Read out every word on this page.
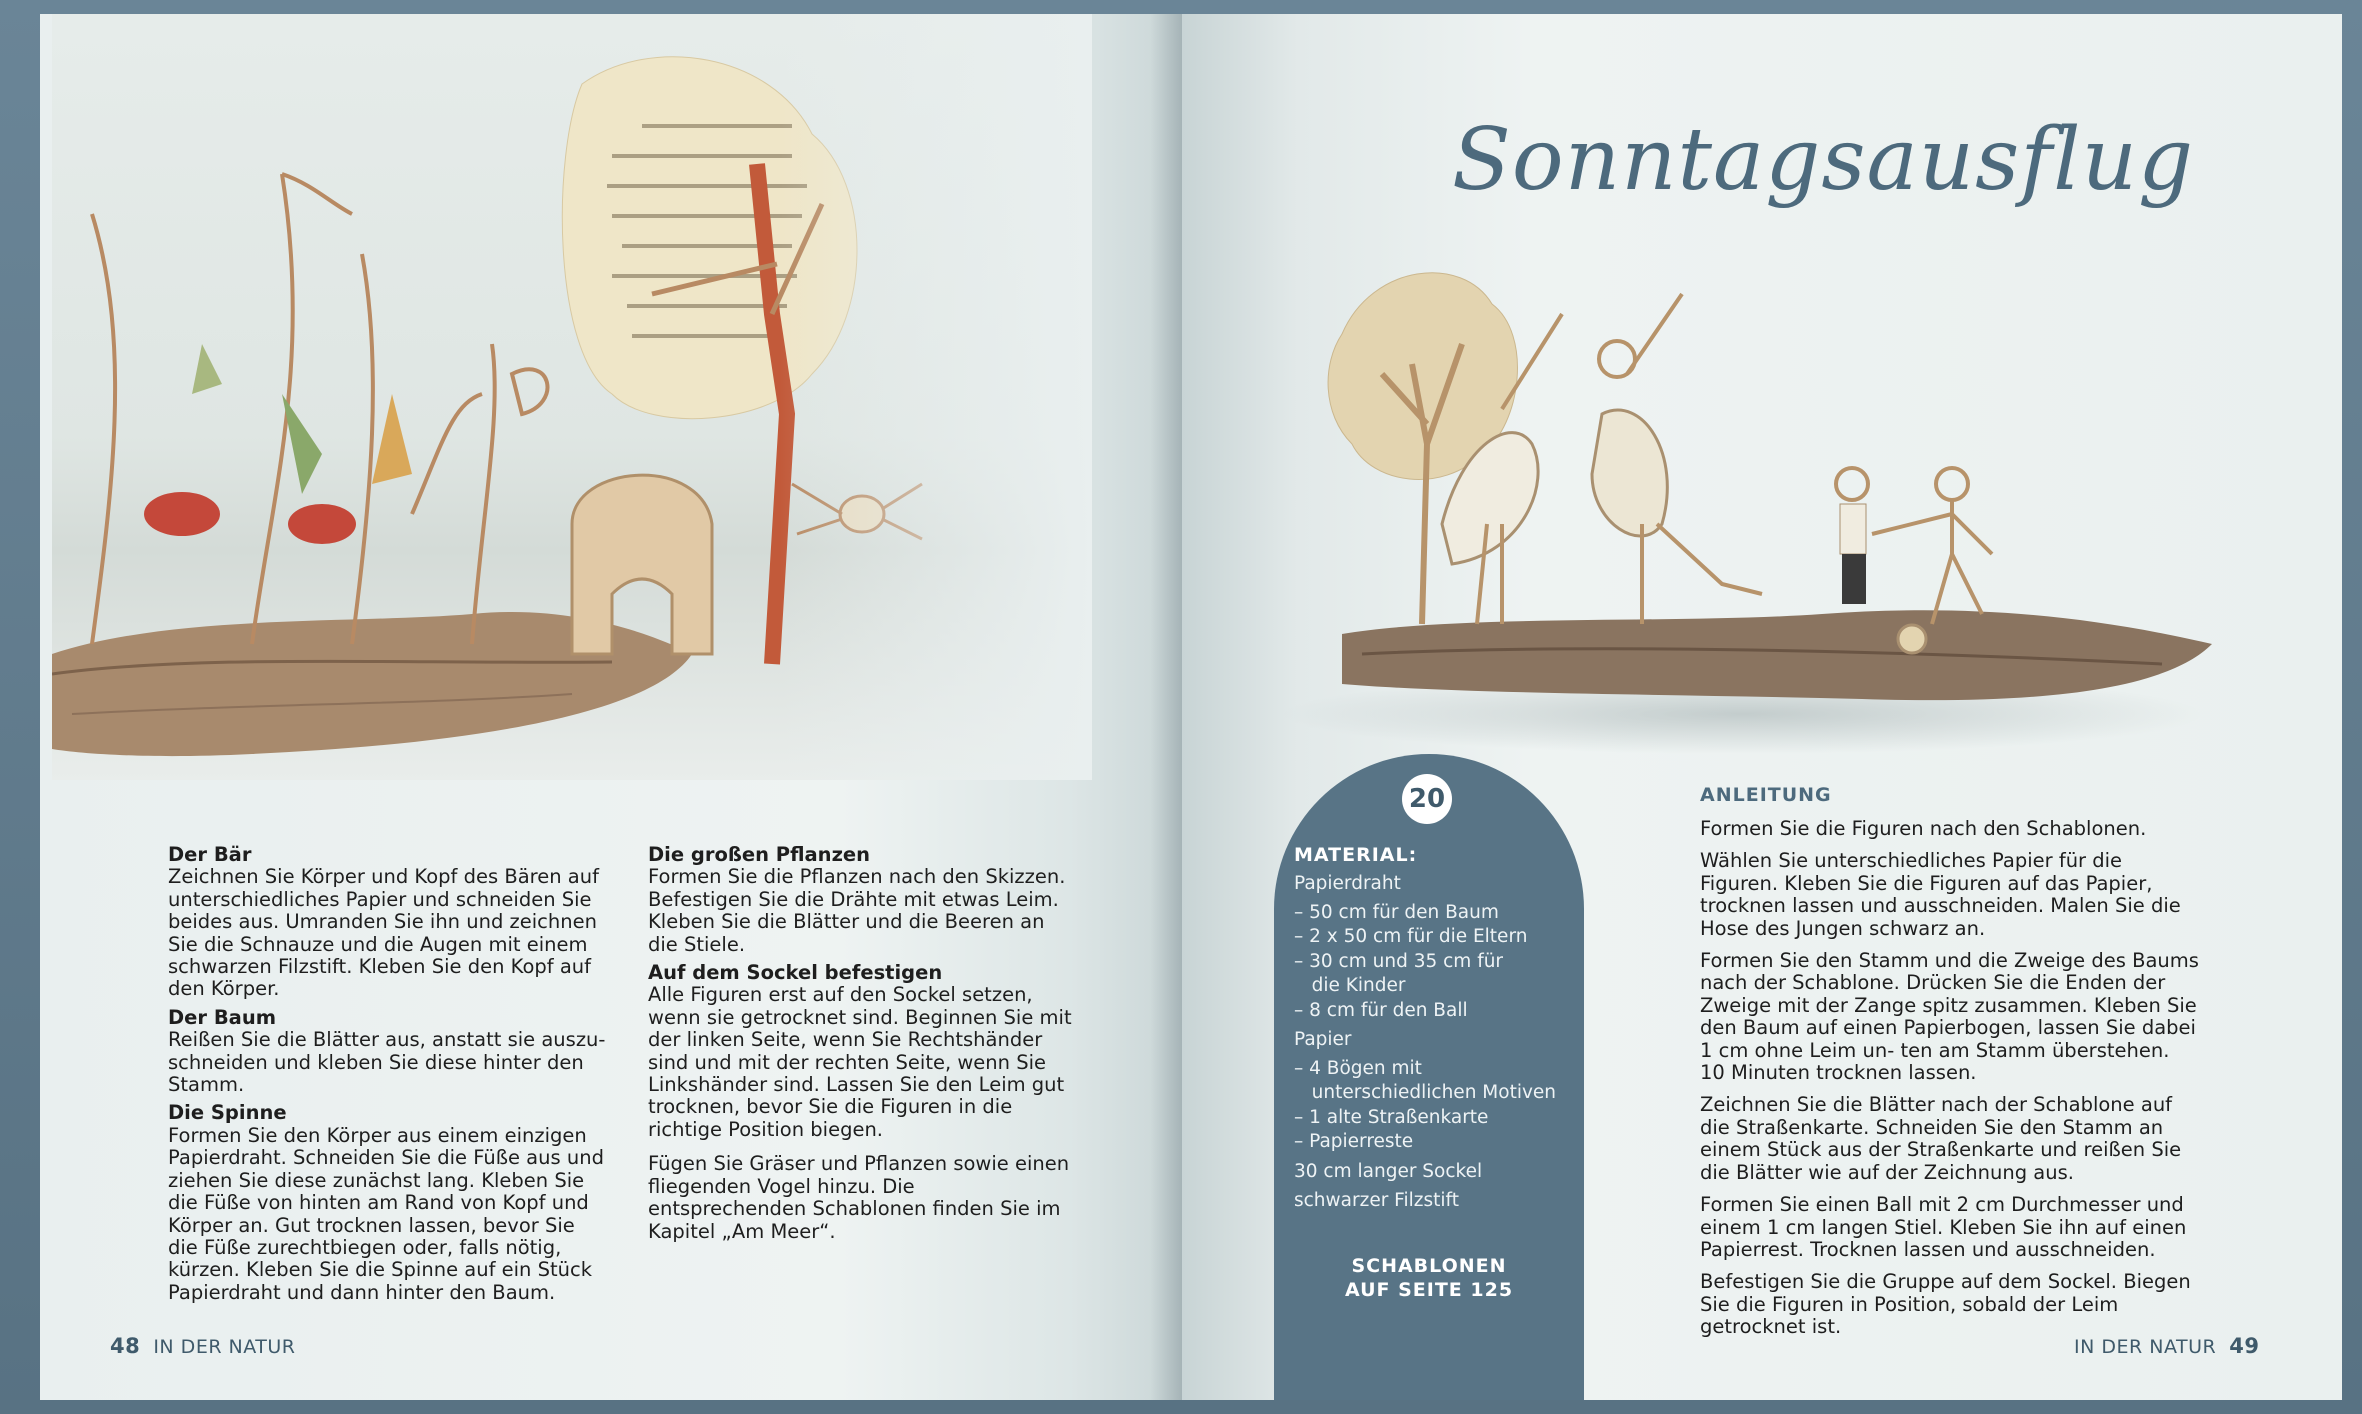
Der Bär

Zeichnen Sie Körper und Kopf des Bären auf unterschiedliches Papier und schneiden Sie beides aus. Umranden Sie ihn und zeichnen Sie die Schnauze und die Augen mit einem schwarzen Filzstift. Kleben Sie den Kopf auf den Körper.

Der Baum

Reißen Sie die Blätter aus, anstatt sie auszu- schneiden und kleben Sie diese hinter den Stamm.

Die Spinne

Formen Sie den Körper aus einem einzigen Papierdraht. Schneiden Sie die Füße aus und ziehen Sie diese zunächst lang. Kleben Sie die Füße von hinten am Rand von Kopf und Körper an. Gut trocknen lassen, bevor Sie die Füße zurechtbiegen oder, falls nötig, kürzen. Kleben Sie die Spinne auf ein Stück Papierdraht und dann hinter den Baum.

Die großen Pflanzen

Formen Sie die Pflanzen nach den Skizzen. Befestigen Sie die Drähte mit etwas Leim. Kleben Sie die Blätter und die Beeren an die Stiele.

Auf dem Sockel befestigen

Alle Figuren erst auf den Sockel setzen, wenn sie getrocknet sind. Beginnen Sie mit der linken Seite, wenn Sie Rechtshänder sind und mit der rechten Seite, wenn Sie Linkshänder sind. Lassen Sie den Leim gut trocknen, bevor Sie die Figuren in die richtige Position biegen.

Fügen Sie Gräser und Pflanzen sowie einen fliegenden Vogel hinzu. Die entsprechenden Schablonen finden Sie im Kapitel „Am Meer“.

48 IN DER NATUR
Sonntagsausflug
20
MATERIAL:
Papierdraht
– 50 cm für den Baum
– 2 x 50 cm für die Eltern
– 30 cm und 35 cm für
die Kinder
– 8 cm für den Ball
Papier
– 4 Bögen mit
unterschiedlichen Motiven
– 1 alte Straßenkarte
– Papierreste
30 cm langer Sockel
schwarzer Filzstift
SCHABLONEN
AUF SEITE 125
ANLEITUNG

Formen Sie die Figuren nach den Schablonen.

Wählen Sie unterschiedliches Papier für die Figuren. Kleben Sie die Figuren auf das Papier, trocknen lassen und ausschneiden. Malen Sie die Hose des Jungen schwarz an.

Formen Sie den Stamm und die Zweige des Baums nach der Schablone. Drücken Sie die Enden der Zweige mit der Zange spitz zusammen. Kleben Sie den Baum auf einen Papierbogen, lassen Sie dabei 1 cm ohne Leim un- ten am Stamm überstehen. 10 Minuten trocknen lassen.

Zeichnen Sie die Blätter nach der Schablone auf die Straßenkarte. Schneiden Sie den Stamm an einem Stück aus der Straßenkarte und reißen Sie die Blätter wie auf der Zeichnung aus.

Formen Sie einen Ball mit 2 cm Durchmesser und einem 1 cm langen Stiel. Kleben Sie ihn auf einen Papierrest. Trocknen lassen und ausschneiden.

Befestigen Sie die Gruppe auf dem Sockel. Biegen Sie die Figuren in Position, sobald der Leim getrocknet ist.

IN DER NATUR 49
